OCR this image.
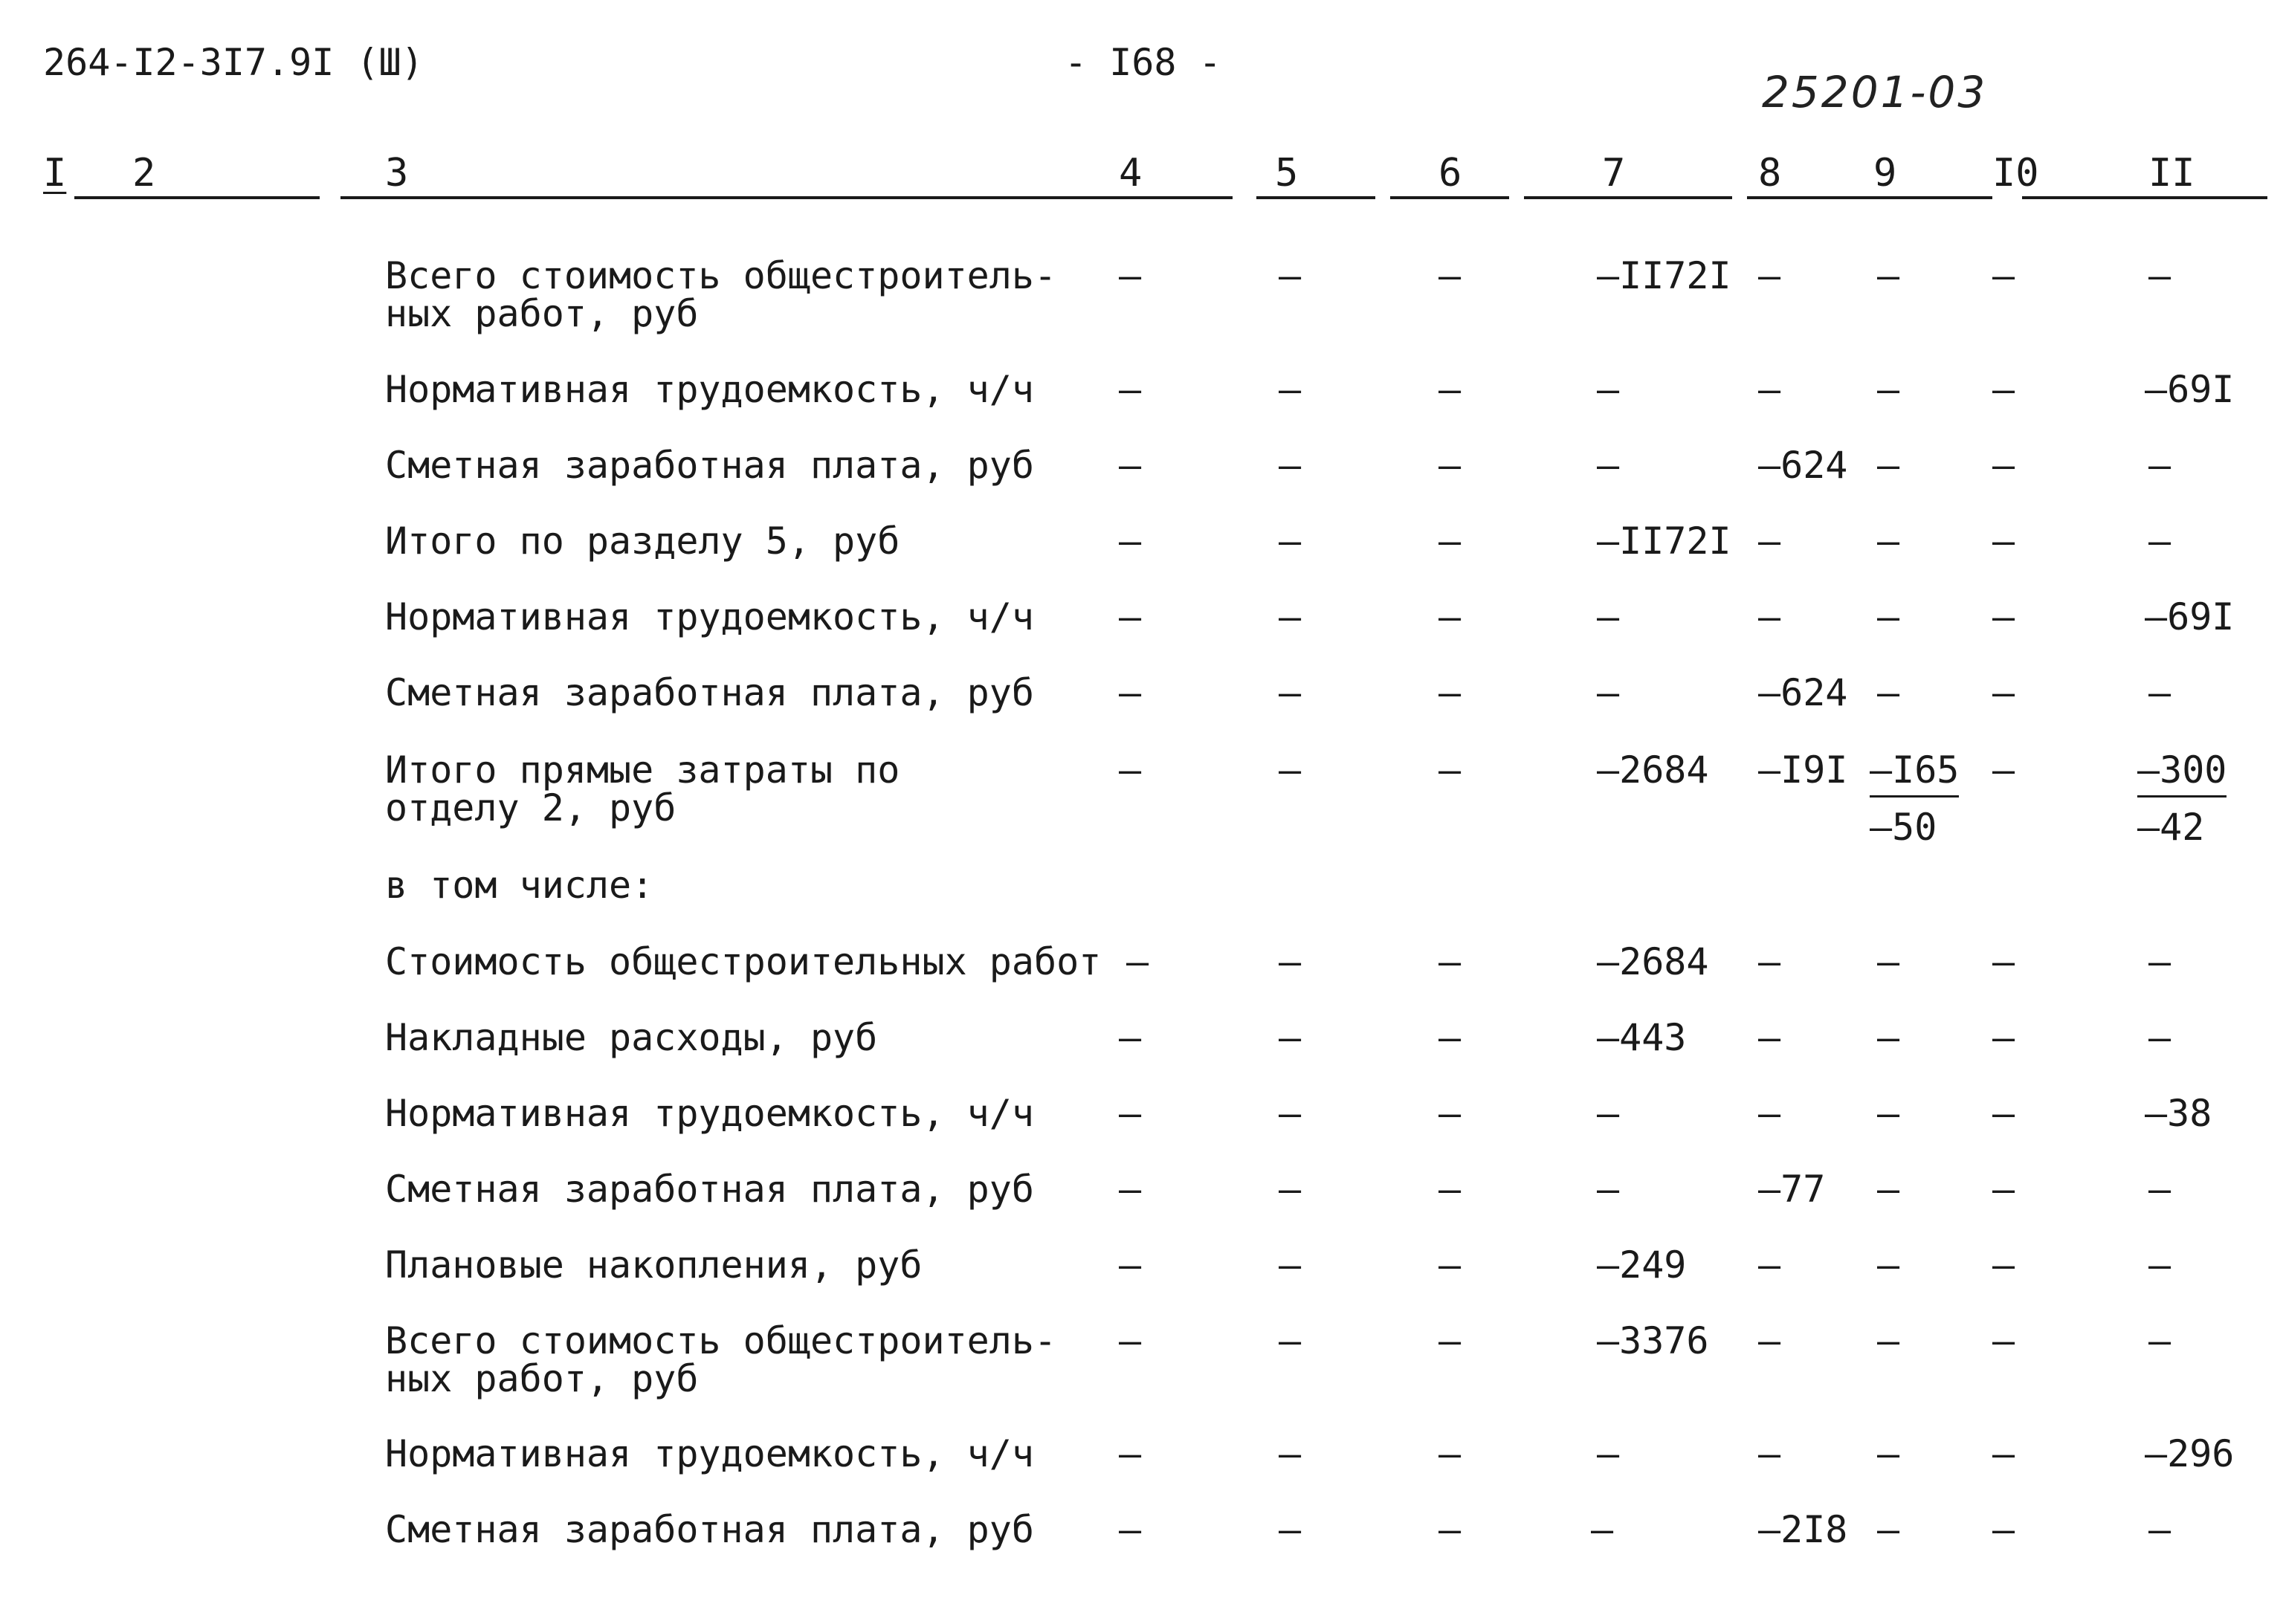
264-I2-3I7.9I (Ш)	- I68 -
25201-03
I 2	3	4	5	6	7	8 9 I0	II
Всего стоимость общестроитель-
ных работ, руб
–	–	–	–II72I –	– –	–
Нормативная трудоемкость, ч/ч –	–	–	–	–	– –	–69I
Сметная заработная плата, руб –	–	–	–	–624 – –	–
Итого по разделу 5, руб	–	–	–	–II72I –	– –	–
Нормативная трудоемкость, ч/ч –	–	–	–	–	– –	–69I
Сметная заработная плата, руб –	–	–	–	–624 – –	–
Итого прямые затраты по
отделу 2, руб
–	–	–	–2684 $-I9I \frac{-I65}{-50}$ –	$\frac{-300}{-42}$
в том числе:
Стоимость общестроительных работ –	–	–	–2684 –	– –	–
Накладные расходы, руб	–	–	–	–443 –	– –	–
Нормативная трудоемкость, ч/ч –	–	–	–	–	– –	–38
Сметная заработная плата, руб –	–	–	–	–77 – –	–
Плановые накопления, руб	–	–	–	–249 –	– –	–
Всего стоимость общестроитель-
ных работ, руб
–	–	–	–3376 –	– –	–
Нормативная трудоемкость, ч/ч –	–	–	–	–	– –	–296
Сметная заработная плата, руб –	–	–	–	–2I8 – –	–
